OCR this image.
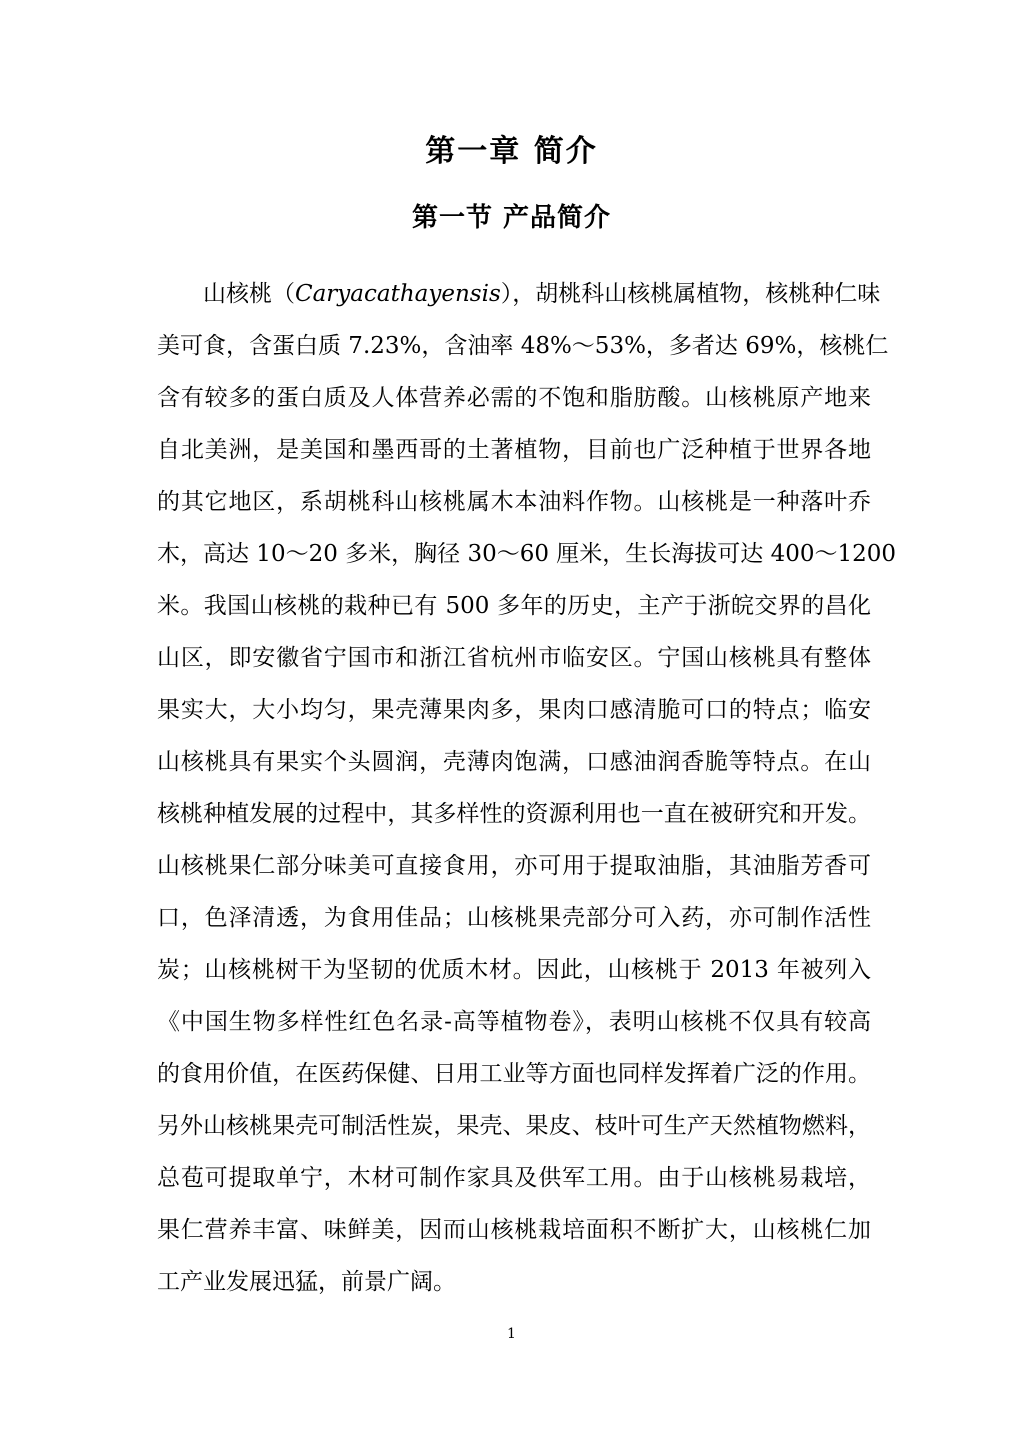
第一章 简介
第一节 产品简介
山核桃（Caryacathayensis），胡桃科山核桃属植物，核桃种仁味
美可食，含蛋白质 7.23%，含油率 48%～53%，多者达 69%，核桃仁
含有较多的蛋白质及人体营养必需的不饱和脂肪酸。山核桃原产地来
自北美洲，是美国和墨西哥的土著植物，目前也广泛种植于世界各地
的其它地区，系胡桃科山核桃属木本油料作物。山核桃是一种落叶乔
木，高达 10～20 多米，胸径 30～60 厘米，生长海拔可达 400～1200
米。我国山核桃的栽种已有 500 多年的历史，主产于浙皖交界的昌化
山区，即安徽省宁国市和浙江省杭州市临安区。宁国山核桃具有整体
果实大，大小均匀，果壳薄果肉多，果肉口感清脆可口的特点；临安
山核桃具有果实个头圆润，壳薄肉饱满，口感油润香脆等特点。在山
核桃种植发展的过程中，其多样性的资源利用也一直在被研究和开发。
山核桃果仁部分味美可直接食用，亦可用于提取油脂，其油脂芳香可
口，色泽清透，为食用佳品；山核桃果壳部分可入药，亦可制作活性
炭；山核桃树干为坚韧的优质木材。因此，山核桃于 2013 年被列入
《中国生物多样性红色名录-高等植物卷》，表明山核桃不仅具有较高
的食用价值，在医药保健、日用工业等方面也同样发挥着广泛的作用。
另外山核桃果壳可制活性炭，果壳、果皮、枝叶可生产天然植物燃料，
总苞可提取单宁，木材可制作家具及供军工用。由于山核桃易栽培，
果仁营养丰富、味鲜美，因而山核桃栽培面积不断扩大，山核桃仁加
工产业发展迅猛，前景广阔。
1
